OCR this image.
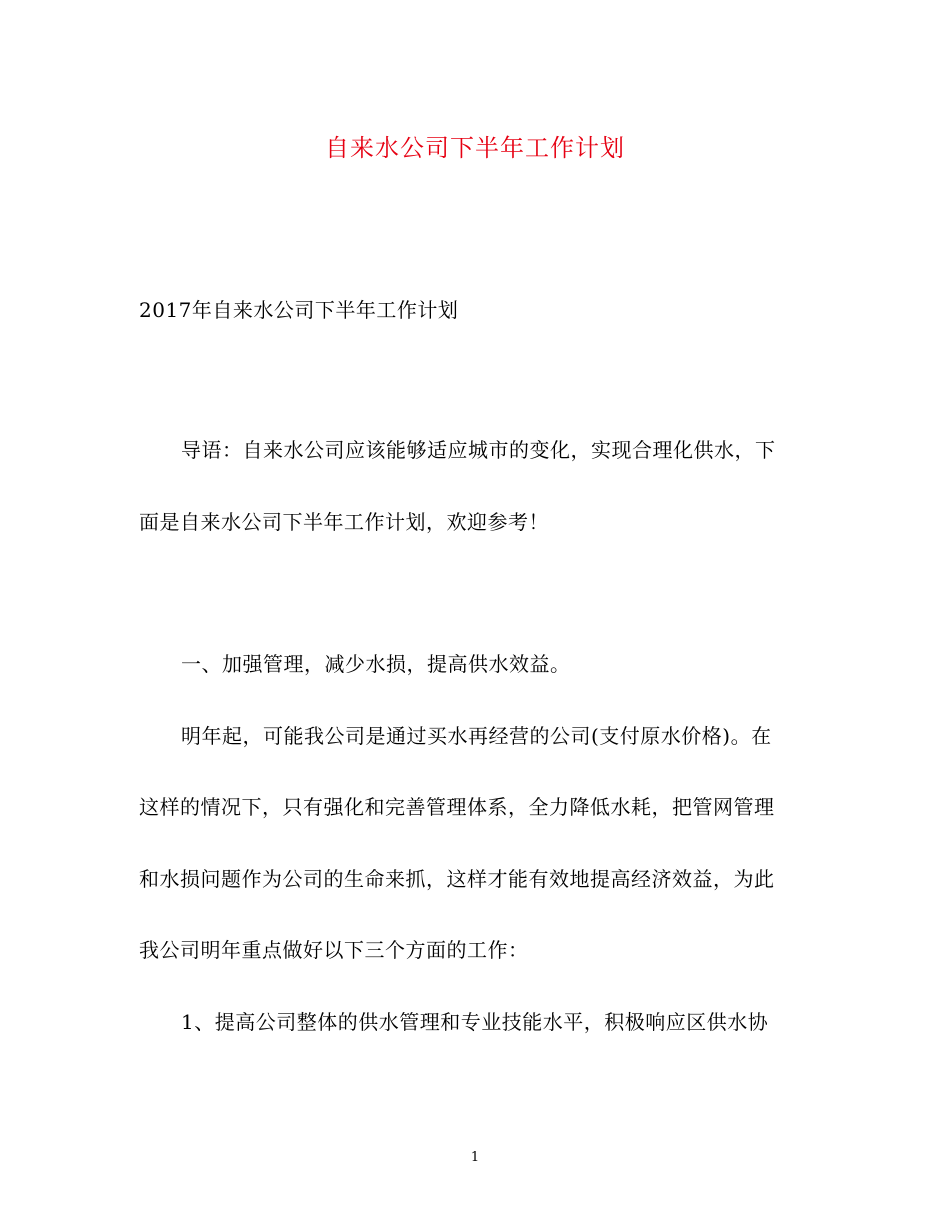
自来水公司下半年工作计划
2017年自来水公司下半年工作计划
导语：自来水公司应该能够适应城市的变化，实现合理化供水，下
面是自来水公司下半年工作计划，欢迎参考！
一、加强管理，减少水损，提高供水效益。
明年起，可能我公司是通过买水再经营的公司(支付原水价格)。在
这样的情况下，只有强化和完善管理体系，全力降低水耗，把管网管理
和水损问题作为公司的生命来抓，这样才能有效地提高经济效益，为此
我公司明年重点做好以下三个方面的工作：
1、提高公司整体的供水管理和专业技能水平，积极响应区供水协
1
